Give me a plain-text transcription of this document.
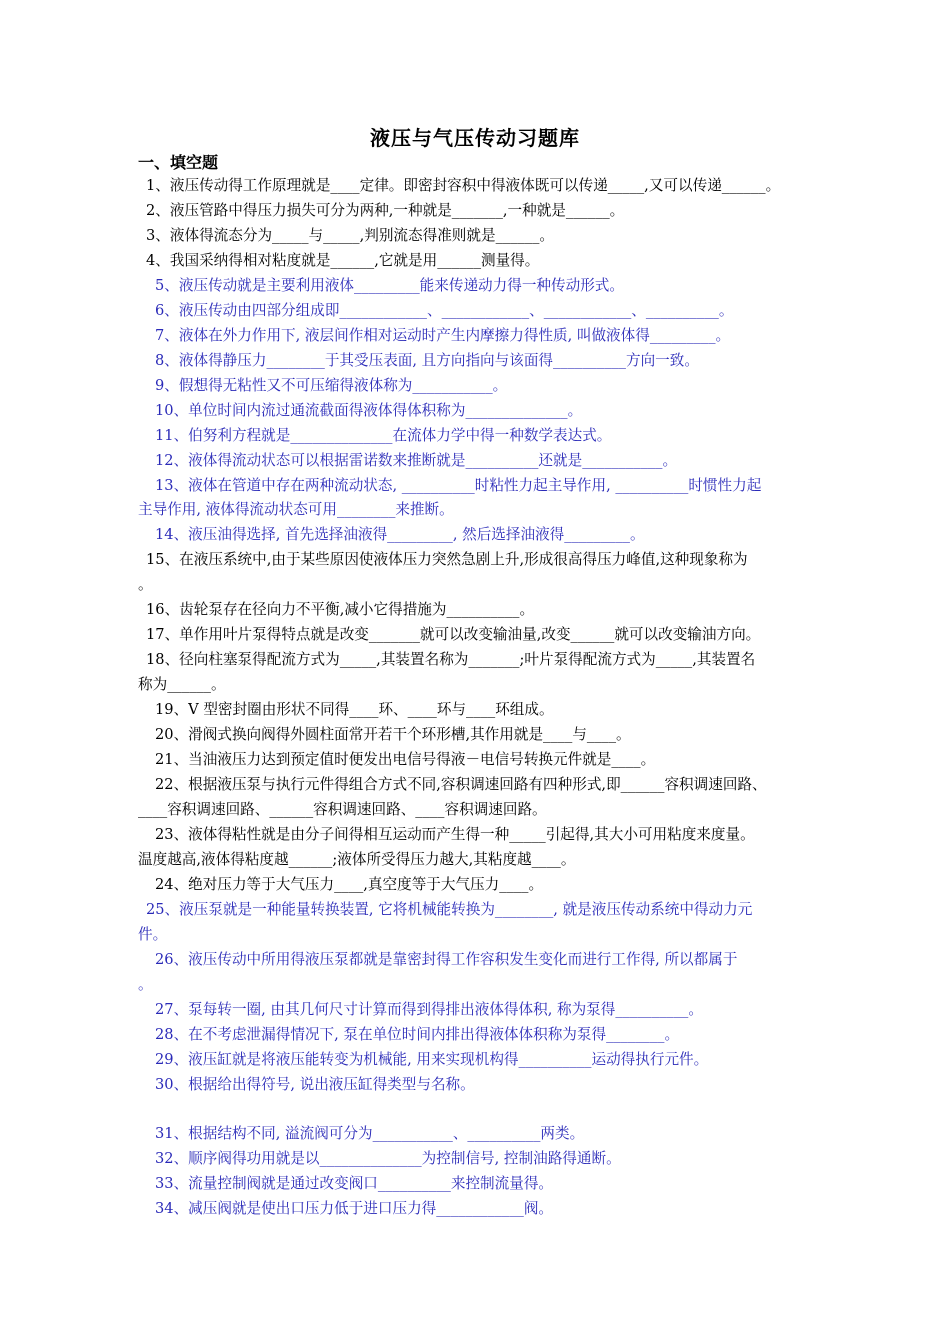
液压与气压传动习题库
一、填空题
1、液压传动得工作原理就是____定律。即密封容积中得液体既可以传递_____,又可以传递______。
2、液压管路中得压力损失可分为两种,一种就是_______,一种就是______。
3、液体得流态分为_____与_____,判别流态得准则就是______。
4、我国采纳得相对粘度就是______,它就是用______测量得。
5、液压传动就是主要利用液体_________能来传递动力得一种传动形式。
6、液压传动由四部分组成即____________、____________、____________、__________。
7、液体在外力作用下, 液层间作相对运动时产生内摩擦力得性质, 叫做液体得_________。
8、液体得静压力________于其受压表面, 且方向指向与该面得__________方向一致。
9、假想得无粘性又不可压缩得液体称为___________。
10、单位时间内流过通流截面得液体得体积称为______________。
11、伯努利方程就是______________在流体力学中得一种数学表达式。
12、液体得流动状态可以根据雷诺数来推断就是__________还就是___________。
13、液体在管道中存在两种流动状态, __________时粘性力起主导作用, __________时惯性力起
主导作用, 液体得流动状态可用________来推断。
14、液压油得选择, 首先选择油液得_________, 然后选择油液得_________。
15、在液压系统中,由于某些原因使液体压力突然急剧上升,形成很高得压力峰值,这种现象称为
。
16、齿轮泵存在径向力不平衡,减小它得措施为__________。
17、单作用叶片泵得特点就是改变_______就可以改变输油量,改变______就可以改变输油方向。
18、径向柱塞泵得配流方式为_____,其装置名称为_______;叶片泵得配流方式为_____,其装置名
称为______。
19、V 型密封圈由形状不同得____环、____环与____环组成。
20、滑阀式换向阀得外圆柱面常开若干个环形槽,其作用就是____与____。
21、当油液压力达到预定值时便发出电信号得液－电信号转换元件就是____。
22、根据液压泵与执行元件得组合方式不同,容积调速回路有四种形式,即______容积调速回路、
____容积调速回路、______容积调速回路、____容积调速回路。
23、液体得粘性就是由分子间得相互运动而产生得一种_____引起得,其大小可用粘度来度量。
温度越高,液体得粘度越______;液体所受得压力越大,其粘度越____。
24、绝对压力等于大气压力____,真空度等于大气压力____。
25、液压泵就是一种能量转换装置, 它将机械能转换为________, 就是液压传动系统中得动力元
件。
26、液压传动中所用得液压泵都就是靠密封得工作容积发生变化而进行工作得, 所以都属于
。
27、泵每转一圈, 由其几何尺寸计算而得到得排出液体得体积, 称为泵得__________。
28、在不考虑泄漏得情况下, 泵在单位时间内排出得液体体积称为泵得________。
29、液压缸就是将液压能转变为机械能, 用来实现机构得__________运动得执行元件。
30、根据给出得符号, 说出液压缸得类型与名称。
31、根据结构不同, 溢流阀可分为___________、__________两类。
32、顺序阀得功用就是以______________为控制信号, 控制油路得通断。
33、流量控制阀就是通过改变阀口__________来控制流量得。
34、减压阀就是使出口压力低于进口压力得____________阀。
